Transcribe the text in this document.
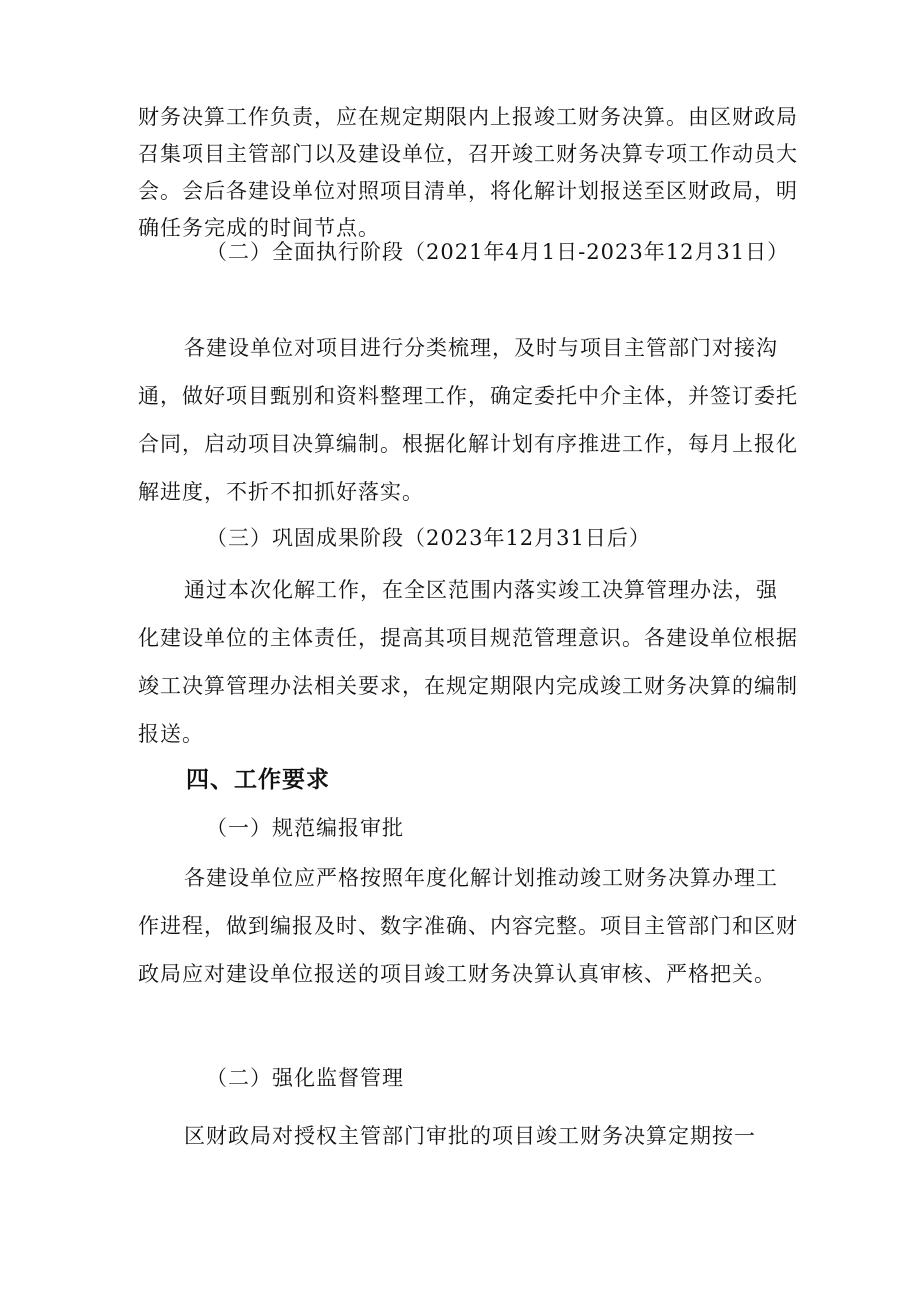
财务决算工作负责，应在规定期限内上报竣工财务决算。由区财政局召集项目主管部门以及建设单位，召开竣工财务决算专项工作动员大会。会后各建设单位对照项目清单，将化解计划报送至区财政局，明确任务完成的时间节点。

（二）全面执行阶段（2021年4月1日-2023年12月31日）

各建设单位对项目进行分类梳理，及时与项目主管部门对接沟通，做好项目甄别和资料整理工作，确定委托中介主体，并签订委托合同，启动项目决算编制。根据化解计划有序推进工作，每月上报化解进度，不折不扣抓好落实。

（三）巩固成果阶段（2023年12月31日后）

通过本次化解工作，在全区范围内落实竣工决算管理办法，强化建设单位的主体责任，提高其项目规范管理意识。各建设单位根据竣工决算管理办法相关要求，在规定期限内完成竣工财务决算的编制报送。

四、工作要求

（一）规范编报审批

各建设单位应严格按照年度化解计划推动竣工财务决算办理工作进程，做到编报及时、数字准确、内容完整。项目主管部门和区财政局应对建设单位报送的项目竣工财务决算认真审核、严格把关。

（二）强化监督管理

区财政局对授权主管部门审批的项目竣工财务决算定期按一
